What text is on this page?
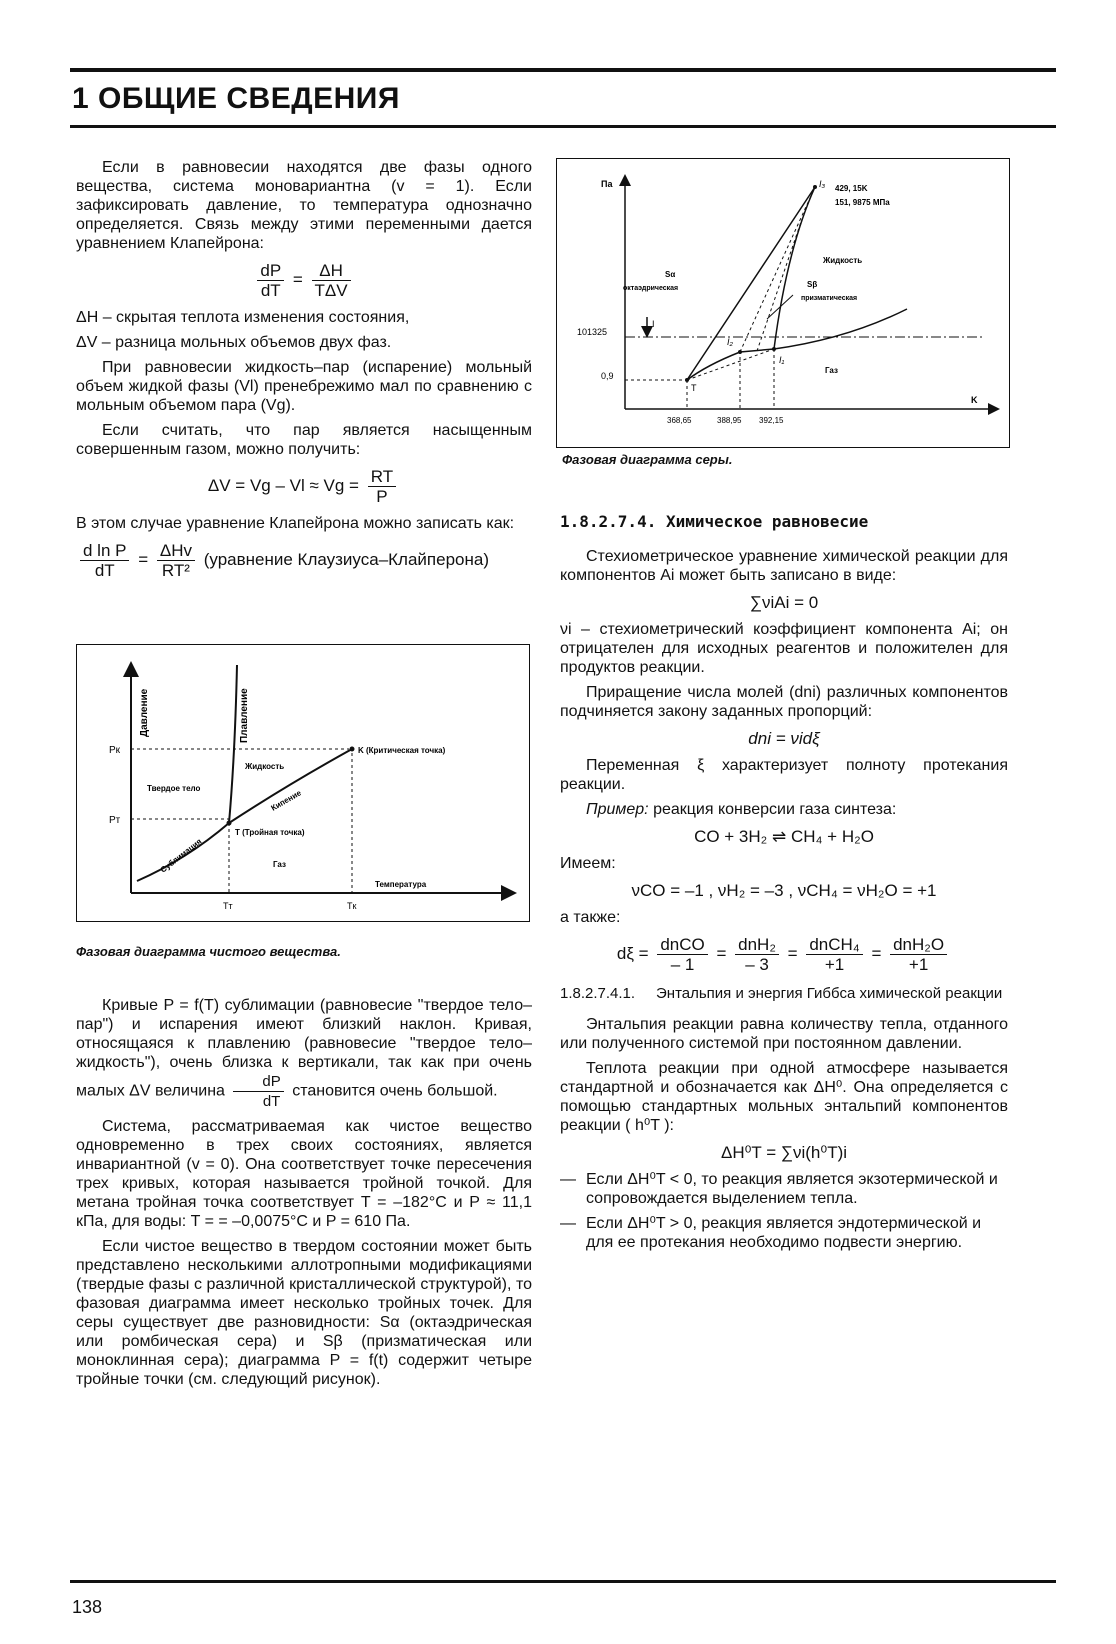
1 ОБЩИЕ СВЕДЕНИЯ

Если в равновесии находятся две фазы одного вещества, система моновариантна (v = 1). Если зафиксировать давление, то температура однозначно определяется. Связь между этими переменными дается уравнением Клапейрона:

$\frac{dP}{dT} = \frac{\Delta H}{\text{TΔV}}$

ΔH – скрытая теплота изменения состояния,

ΔV – разница мольных объемов двух фаз.

При равновесии жидкость–пар (испарение) мольный объем жидкой фазы (Vl) пренебрежимо мал по сравнению с мольным объемом пара (Vg).

Если считать, что пар является насыщенным совершенным газом, можно получить:

$\Delta V = Vg - Vl \approx Vg = \frac{RT}{P}$

В этом случае уравнение Клапейрона можно записать как:

$\frac{\text{d ln P}}{dT} = \frac{\text{ΔHv}}{\text{RT²}}$ (уравнение Клаузиуса–Клайперона)
Давление	Плавление
Pк
Pт
K (Критическая точка)
Твердое тело
Жидкость
Кипение
T (Тройная точка)
Сублимация	Газ
Температура
Tт	Tк
Фазовая диаграмма чистого вещества.

Кривые P = f(T) сублимации (равновесие "твердое тело–пар") и испарения имеют близкий наклон. Кривая, относящаяся к плавлению (равновесие "твердое тело–жидкость"), очень близка к вертикали, так как при очень малых ΔV величина $\frac{dP}{dT}$ становится очень большой.

Система, рассматриваемая как чистое вещество одновременно в трех своих состояниях, является инвариантной (v = 0). Она соответствует точке пересечения трех кривых, которая называется тройной точкой. Для метана тройная точка соответствует T = –182°C и P ≈ 11,1 кПа, для воды: T = = –0,0075°C и P = 610 Па.

Если чистое вещество в твердом состоянии может быть представлено несколькими аллотропными модификациями (твердые фазы с различной кристаллической структурой), то фазовая диаграмма имеет несколько тройных точек. Для серы существует две разновидности: Sα (октаэдрическая или ромбическая сера) и Sβ (призматическая или моноклинная сера); диаграмма P = f(t) содержит четыре тройные точки (см. следующий рисунок).

Па
K
I
I₃ 429, 15K
151, 9875 МПа
Жидкость
Sα
октаэдрическая	Sβ
призматическая
101325
0,9
Газ
I₁
I₂
T
368,65	388,95 392,15
Фазовая диаграмма серы.

1.8.2.7.4. Химическое равновесие

Стехиометрическое уравнение химической реакции для компонентов Ai может быть записано в виде:

∑νiAi = 0

νi – стехиометрический коэффициент компонента Ai; он отрицателен для исходных реагентов и положителен для продуктов реакции.

Приращение числа молей (dni) различных компонентов подчиняется закону заданных пропорций:

dni = νidξ

Переменная ξ характеризует полноту протекания реакции.

Пример: реакция конверсии газа синтеза:

CO + 3H₂ ⇌ CH₄ + H₂O

Имеем:

νCO = –1 , νH₂ = –3 , νCH₄ = νH₂O = +1

а также:

$d\xi = \frac{\text{dnCO}}{- 1} = \frac{\text{dnH₂}}{- 3} = \frac{\text{dnCH₄}}{+1} = \frac{\text{dnH₂O}}{+1}$
1.8.2.7.4.1.	Энтальпия и энергия Гиббса химической реакции

Энтальпия реакции равна количеству тепла, отданного или полученного системой при постоянном давлении.

Теплота реакции при одной атмосфере называется стандартной и обозначается как ΔH⁰. Она определяется с помощью стандартных мольных энтальпий компонентов реакции ( h⁰T ):

ΔH⁰T = ∑νi(h⁰T)i
— Если ΔH⁰T < 0, то реакция является экзотермической и сопровождается выделением тепла.
— Если ΔH⁰T > 0, реакция является эндотермической и для ее протекания необходимо подвести энергию.
138
